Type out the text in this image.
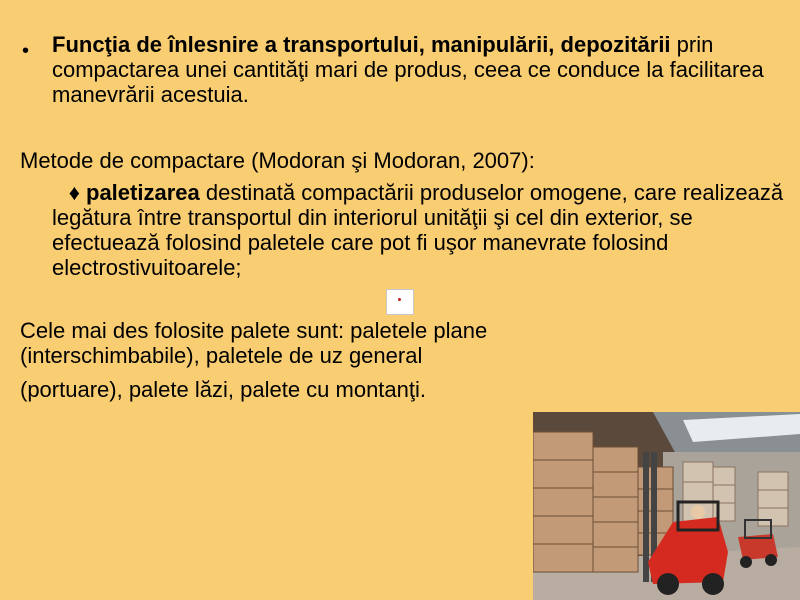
• Funcţia de înlesnire a transportului, manipulării, depozitării prin compactarea unei cantităţi mari de produs, ceea ce conduce la facilitarea manevrării acestuia.
Metode de compactare (Modoran şi Modoran, 2007):
♦ paletizarea destinată compactării produselor omogene, care realizează legătura între transportul din interiorul unităţii şi cel din exterior, se efectuează folosind paletele care pot fi uşor manevrate folosind electrostivuitoarele;
Cele mai des folosite palete sunt: paletele plane (interschimbabile), paletele de uz general
(portuare), palete lăzi, palete cu montanţi.
